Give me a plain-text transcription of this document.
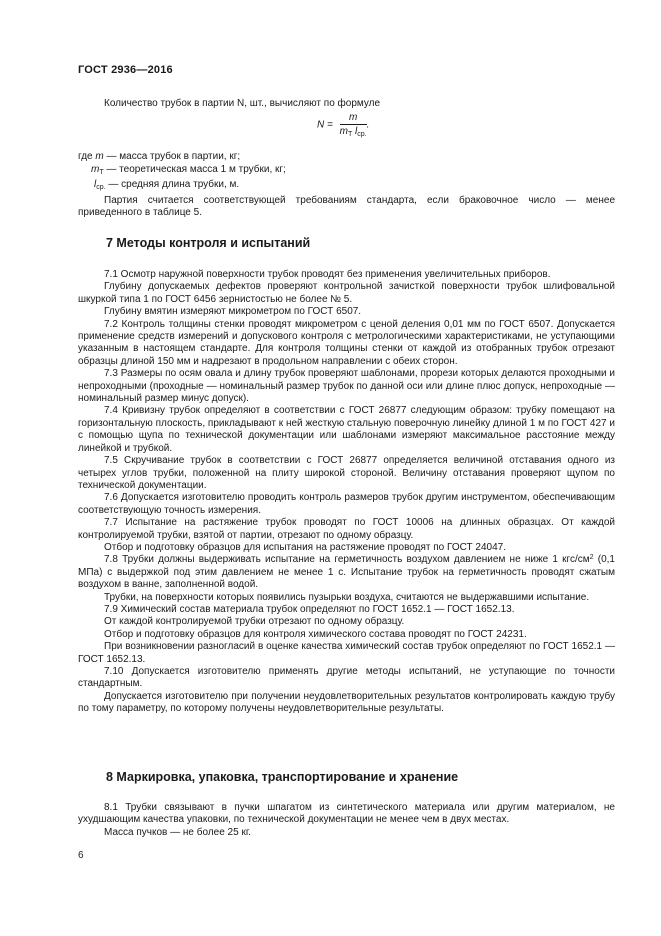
ГОСТ 2936—2016

Количество трубок в партии N, шт., вычисляют по формуле

$N = \frac{m}{m_T l_{ср.}}$ .
где m — масса трубок в партии, кг;
$m_T$ — теоретическая масса 1 м трубки, кг;
$l_{ср.}$ — средняя длина трубки, м.

Партия считается соответствующей требованиям стандарта, если браковочное число — менее приведенного в таблице 5.

7 Методы контроля и испытаний

7.1 Осмотр наружной поверхности трубок проводят без применения увеличительных приборов.

Глубину допускаемых дефектов проверяют контрольной зачисткой поверхности трубок шлифовальной шкуркой типа 1 по ГОСТ 6456 зернистостью не более № 5.

Глубину вмятин измеряют микрометром по ГОСТ 6507.

7.2 Контроль толщины стенки проводят микрометром с ценой деления 0,01 мм по ГОСТ 6507. Допускается применение средств измерений и допускового контроля с метрологическими характеристиками, не уступающими указанным в настоящем стандарте. Для контроля толщины стенки от каждой из отобранных трубок отрезают образцы длиной 150 мм и надрезают в продольном направлении с обеих сторон.

7.3 Размеры по осям овала и длину трубок проверяют шаблонами, прорези которых делаются проходными и непроходными (проходные — номинальный размер трубок по данной оси или длине плюс допуск, непроходные — номинальный размер минус допуск).

7.4 Кривизну трубок определяют в соответствии с ГОСТ 26877 следующим образом: трубку помещают на горизонтальную плоскость, прикладывают к ней жесткую стальную поверочную линейку длиной 1 м по ГОСТ 427 и с помощью щупа по технической документации или шаблонами измеряют максимальное расстояние между линейкой и трубкой.

7.5 Скручивание трубок в соответствии с ГОСТ 26877 определяется величиной отставания одного из четырех углов трубки, положенной на плиту широкой стороной. Величину отставания проверяют щупом по технической документации.

7.6 Допускается изготовителю проводить контроль размеров трубок другим инструментом, обеспечивающим соответствующую точность измерения.

7.7 Испытание на растяжение трубок проводят по ГОСТ 10006 на длинных образцах. От каждой контролируемой трубки, взятой от партии, отрезают по одному образцу.

Отбор и подготовку образцов для испытания на растяжение проводят по ГОСТ 24047.

7.8 Трубки должны выдерживать испытание на герметичность воздухом давлением не ниже 1 кгс/$см^2$ (0,1 МПа) с выдержкой под этим давлением не менее 1 с. Испытание трубок на герметичность проводят сжатым воздухом в ванне, заполненной водой.

Трубки, на поверхности которых появились пузырьки воздуха, считаются не выдержавшими испытание.

7.9 Химический состав материала трубок определяют по ГОСТ 1652.1 — ГОСТ 1652.13.

От каждой контролируемой трубки отрезают по одному образцу.

Отбор и подготовку образцов для контроля химического состава проводят по ГОСТ 24231.

При возникновении разногласий в оценке качества химический состав трубок определяют по ГОСТ 1652.1 — ГОСТ 1652.13.

7.10 Допускается изготовителю применять другие методы испытаний, не уступающие по точности стандартным.

Допускается изготовителю при получении неудовлетворительных результатов контролировать каждую трубу по тому параметру, по которому получены неудовлетворительные результаты.

8 Маркировка, упаковка, транспортирование и хранение

8.1 Трубки связывают в пучки шпагатом из синтетического материала или другим материалом, не ухудшающим качества упаковки, по технической документации не менее чем в двух местах.

Масса пучков — не более 25 кг.

6
